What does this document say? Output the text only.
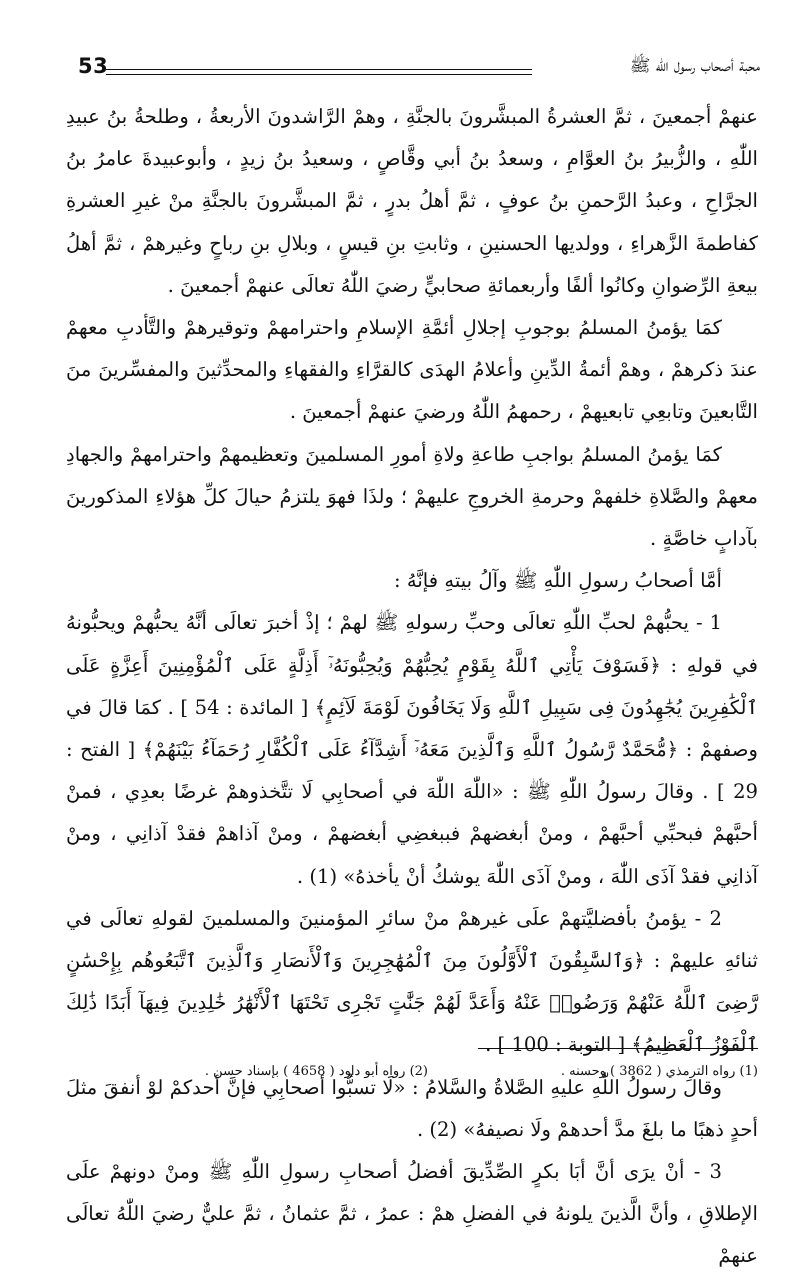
53	محبة أصحاب رسول الله ﷺ

عنهمْ أجمعينَ ، ثمَّ العشرةُ المبشَّرونَ بالجنَّةِ ، وهمْ الرَّاشدونَ الأربعةُ ، وطلحةُ بنُ عبيدِ اللّٰهِ ، والزُّبيرُ بنُ العوَّامِ ، وسعدُ بنُ أبي وقَّاصٍ ، وسعيدُ بنُ زيدٍ ، وأبوعبيدةَ عامرُ بنُ الجرَّاحِ ، وعبدُ الرَّحمنِ بنُ عوفٍ ، ثمَّ أهلُ بدرٍ ، ثمَّ المبشَّرونَ بالجنَّةِ منْ غيرِ العشرةِ كفاطمةَ الزَّهراءِ ، وولديها الحسنينِ ، وثابتِ بنِ قيسٍ ، وبلالِ بنِ رباحٍ وغيرهمْ ، ثمَّ أهلُ بيعةِ الرِّضوانِ وكانُوا ألفًا وأربعمائةِ صحابيٍّ رضيَ اللّٰهُ تعالَى عنهمْ أجمعينَ .

كمَا يؤمنُ المسلمُ بوجوبِ إجلالِ أئمَّةِ الإسلامِ واحترامهمْ وتوقيرهمْ والتَّأدبِ معهمْ عندَ ذكرهمْ ، وهمْ أئمةُ الدِّينِ وأعلامُ الهدَى كالقرَّاءِ والفقهاءِ والمحدِّثينَ والمفسِّرينَ منَ التَّابعينَ وتابعِي تابعيهمْ ، رحمهمُ اللّٰهُ ورضيَ عنهمْ أجمعينَ .

كمَا يؤمنُ المسلمُ بواجبِ طاعةِ ولاةِ أمورِ المسلمينَ وتعظيمهمْ واحترامهمْ والجهادِ معهمْ والصَّلاةِ خلفهمْ وحرمةِ الخروجِ عليهمْ ؛ ولذَا فهوَ يلتزمُ حيالَ كلِّ هؤلاءِ المذكورينَ بآدابٍ خاصَّةٍ .

أمَّا أصحابُ رسولِ اللّٰهِ ﷺ وآلُ بيتهِ فإنَّهُ :

1 - يحبُّهمْ لحبِّ اللّٰهِ تعالَى وحبِّ رسولهِ ﷺ لهمْ ؛ إذْ أخبرَ تعالَى أنَّهُ يحبُّهمْ ويحبُّونهُ في قولهِ : ﴿فَسَوْفَ يَأْتِي ٱللَّهُ بِقَوْمٍ يُحِبُّهُمْ وَيُحِبُّونَهُۥٓ أَذِلَّةٍ عَلَى ٱلْمُؤْمِنِينَ أَعِزَّةٍ عَلَى ٱلْكَٰفِرِينَ يُجَٰهِدُونَ فِى سَبِيلِ ٱللَّهِ وَلَا يَخَافُونَ لَوْمَةَ لَآئِمٍ﴾ [ المائدة : 54 ] . كمَا قالَ في وصفهمْ : ﴿مُّحَمَّدٌ رَّسُولُ ٱللَّهِ وَٱلَّذِينَ مَعَهُۥٓ أَشِدَّآءُ عَلَى ٱلْكُفَّارِ رُحَمَآءُ بَيْنَهُمْ﴾ [ الفتح : 29 ] . وقالَ رسولُ اللّٰهِ ﷺ : «اللّٰهَ اللّٰهَ في أصحابِي لَا تتَّخذوهمْ غرضًا بعدِي ، فمنْ أحبَّهمْ فبحبِّي أحبَّهمْ ، ومنْ أبغضهمْ فببغضِي أبغضهمْ ، ومنْ آذاهمْ فقدْ آذانِي ، ومنْ آذانِي فقدْ آذَى اللّٰهَ ، ومنْ آذَى اللّٰهَ يوشكُ أنْ يأخذهُ» (1) .

2 - يؤمنُ بأفضليَّتهمْ علَى غيرهمْ منْ سائرِ المؤمنينَ والمسلمينَ لقولهِ تعالَى في ثنائهِ عليهمْ : ﴿وَٱلسَّٰبِقُونَ ٱلْأَوَّلُونَ مِنَ ٱلْمُهَٰجِرِينَ وَٱلْأَنصَارِ وَٱلَّذِينَ ٱتَّبَعُوهُم بِإِحْسَٰنٍ رَّضِىَ ٱللَّهُ عَنْهُمْ وَرَضُوا۟ عَنْهُ وَأَعَدَّ لَهُمْ جَنَّٰتٍ تَجْرِى تَحْتَهَا ٱلْأَنْهَٰرُ خَٰلِدِينَ فِيهَآ أَبَدًا ذَٰلِكَ ٱلْفَوْزُ ٱلْعَظِيمُ﴾ [ التوبة : 100 ] .

وقالَ رسولُ اللّٰهِ عليهِ الصَّلاةُ والسَّلامُ : «لَا تسبُّوا أصحابِي فإنَّ أحدكمْ لوْ أنفقَ مثلَ أحدٍ ذهبًا ما بلغَ مدَّ أحدهمْ ولَا نصيفهُ» (2) .

3 - أنْ يرَى أنَّ أبَا بكرٍ الصِّدِّيقَ أفضلُ أصحابِ رسولِ اللّٰهِ ﷺ ومنْ دونهمْ علَى الإطلاقِ ، وأنَّ الَّذينَ يلونهُ في الفضلِ همْ : عمرُ ، ثمَّ عثمانُ ، ثمَّ عليٌّ رضيَ اللّٰهُ تعالَى عنهمْ

(1) رواه الترمذي ( 3862 ) وحسنه .
(2) رواه أبو داود ( 4658 ) بإسناد حسن .
